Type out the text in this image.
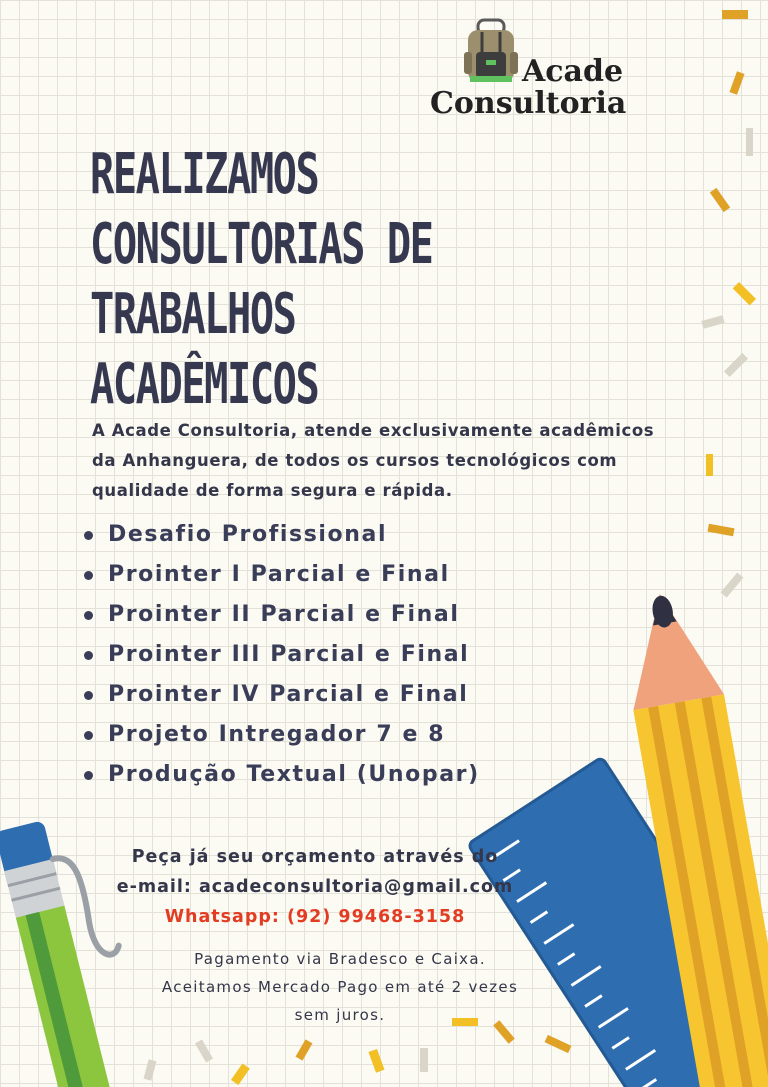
Acade
Consultoria
REALIZAMOS
CONSULTORIAS DE
TRABALHOS ACADÊMICOS
A Acade Consultoria, atende exclusivamente acadêmicos
da Anhanguera, de todos os cursos tecnológicos com
qualidade de forma segura e rápida.
Desafio Profissional
Prointer I Parcial e Final
Prointer II Parcial e Final
Prointer III Parcial e Final
Prointer IV Parcial e Final
Projeto Intregador 7 e 8
Produção Textual (Unopar)
Peça já seu orçamento através do
e-mail: acadeconsultoria@gmail.com
Whatsapp: (92) 99468-3158
Pagamento via Bradesco e Caixa.
Aceitamos Mercado Pago em até 2 vezes
sem juros.
